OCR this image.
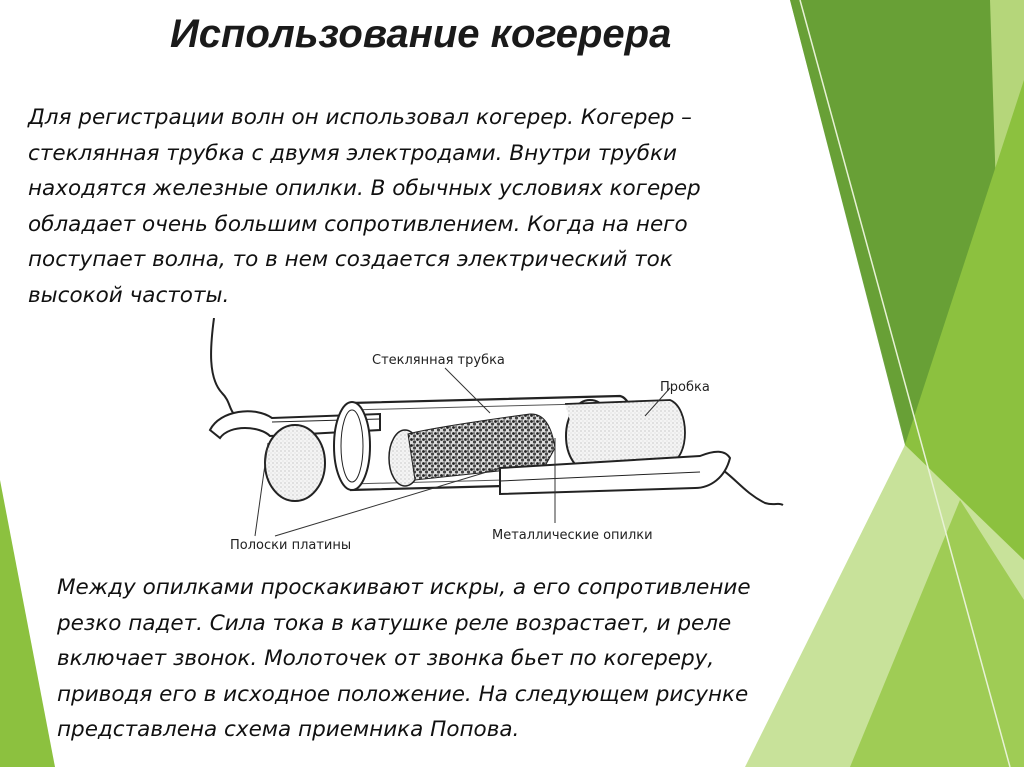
Использование когерера
Для регистрации волн он использовал когерер. Когерер –
стеклянная трубка с двумя электродами. Внутри трубки
находятся железные опилки. В обычных условиях когерер
обладает очень большим сопротивлением. Когда на него
поступает волна, то в нем создается электрический ток
высокой частоты.
Стеклянная трубка
Пробка
Полоски платины
Металлические опилки
Между опилками проскакивают искры, а его сопротивление
резко падет. Сила тока в катушке реле возрастает, и реле
включает звонок. Молоточек от звонка бьет по когереру,
приводя его в исходное положение. На следующем рисунке
представлена схема приемника Попова.
